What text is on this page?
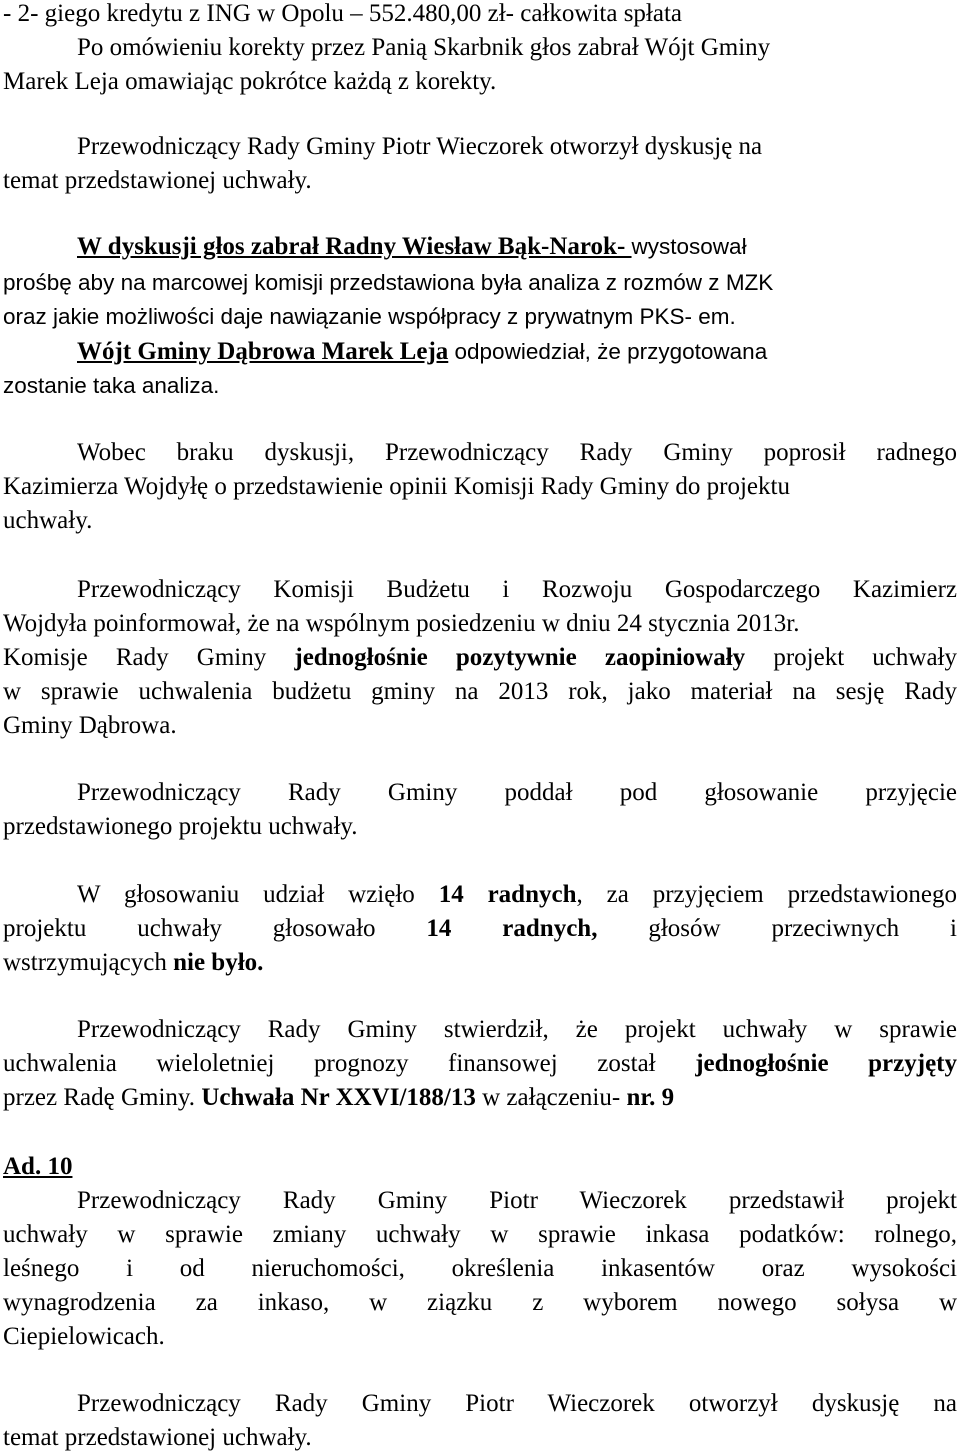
- 2- giego kredytu z ING w Opolu – 552.480,00 zł- całkowita spłata
Po omówieniu korekty przez Panią Skarbnik głos zabrał Wójt Gminy
Marek Leja omawiając pokrótce każdą z korekty.
Przewodniczący Rady Gminy Piotr Wieczorek otworzył dyskusję na
temat przedstawionej uchwały.
W dyskusji głos zabrał Radny Wiesław Bąk-Narok- wystosował
prośbę aby na marcowej komisji przedstawiona była analiza z rozmów z MZK
oraz jakie możliwości daje nawiązanie współpracy z prywatnym PKS- em.
Wójt Gminy Dąbrowa Marek Leja odpowiedział, że przygotowana
zostanie taka analiza.
Wobec braku dyskusji, Przewodniczący Rady Gminy poprosił radnego
Kazimierza Wojdyłę o przedstawienie opinii Komisji Rady Gminy do projektu
uchwały.
Przewodniczący Komisji Budżetu i Rozwoju Gospodarczego Kazimierz
Wojdyła poinformował, że na wspólnym posiedzeniu w dniu 24 stycznia 2013r.
Komisje Rady Gminy jednogłośnie pozytywnie zaopiniowały projekt uchwały
w sprawie uchwalenia budżetu gminy na 2013 rok, jako materiał na sesję Rady
Gminy Dąbrowa.
Przewodniczący Rady Gminy poddał pod głosowanie przyjęcie
przedstawionego projektu uchwały.
W głosowaniu udział wzięło 14 radnych, za przyjęciem przedstawionego
projektu uchwały głosowało 14 radnych, głosów przeciwnych i
wstrzymujących nie było.
Przewodniczący Rady Gminy stwierdził, że projekt uchwały w sprawie
uchwalenia wieloletniej prognozy finansowej został jednogłośnie przyjęty
przez Radę Gminy. Uchwała Nr XXVI/188/13 w załączeniu- nr. 9
Ad. 10
Przewodniczący Rady Gminy Piotr Wieczorek przedstawił projekt
uchwały w sprawie zmiany uchwały w sprawie inkasa podatków: rolnego,
leśnego i od nieruchomości, określenia inkasentów oraz wysokości
wynagrodzenia za inkaso, w ziązku z wyborem nowego sołysa w
Ciepielowicach.
Przewodniczący Rady Gminy Piotr Wieczorek otworzył dyskusję na
temat przedstawionej uchwały.
